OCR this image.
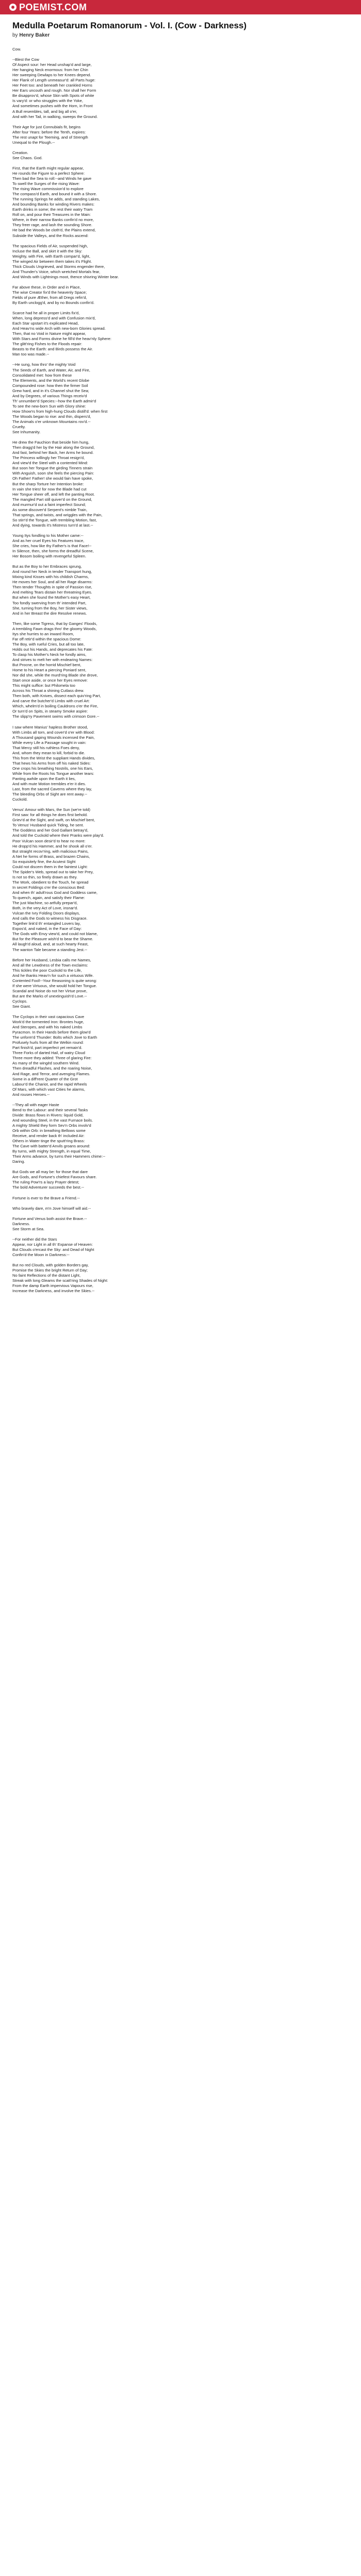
POEMIST.COM
Medulla Poetarum Romanorum - Vol. I. (Cow - Darkness)
by Henry Baker
Cow.
--Blest the Cow
Of Aspect sour: her Head unshap'd and large,
Her hanging Neck enormous: from her Chin
Her sweeping Dewlaps to her Knees depend.
Her Flank of Length unmeasur'd: all Parts huge:
Her Feet too: and beneath her crankled Horns
Her Ears uncouth and rough. Nor shall her Form
Be disapprov'd, whose Skin with Spots of white
Is vary'd: or who struggles with the Yoke,
And sometimes pushes with the Horn, in Front
A Bull resembles, tall, and big all o'er,
And with her Tail, in walking, sweeps the Ground.
Their Age for just Connubials fit, begins
After four Years: before the Tenth, expires:
The rest unapt for Teeming, and of Strength
Unequal to the Plough.--
Creation.
See Chaos. God.
First, that the Earth might regular appear,
He rounds the Figure to a perfect Sphere:
Then bad the Sea to roll:--and Winds he gave
To swell the Surges of the rising Wave:
The rising Wave commission'd to explore
The compass'd Earth, and bound it with a Shore.
The running Springs he adds, and standing Lakes,
And bounding Banks for winding Rivers makes:
Earth drinks in some; the rest their watry Tram
Roll on, and pour their Treasures in the Main:
Where, in their narrow Banks confin'd no more,
They freer rage, and lash the sounding Shore.
He bad the Woods be cloth'd, the Plains extend,
Subside the Valleys, and the Rocks ascend:
The spacious Fields of Air, suspended high,
Incluse the Ball, and skirt it with the Sky:
Weighty, with Fire, with Earth compar'd, light,
The winged Air between them takes it's Flight.
Thick Clouds Ungrieved, and Storms engender there,
And Thunder's Voice, which wretched Mortals fear,
And Winds with Lightnings moot, thence shivring Winter bear.
Far above these, in Order and in Place,
The wise Creator fix'd the heavenly Space;
Fields of pure Æther, from all Dregs refin'd,
By Earth unclogg'd, and by no Bounds confin'd.
Scarce had he all in proper Limits fix'd,
When, long depress'd and with Confusion mix'd,
Each Star upstart it's explicated Head,
And Heav'ns wide Arch with new-born Glories spread.
Then, that no Void in Nature might appear,
With Stars and Forms divine he fill'd the heav'nly Sphere:
The glitt'ring Fishes to the Floods repair:
Beasts to the Earth: and Birds possess the Air.
Man too was made.--
--He sung, how thro' the mighty Void
The Seeds of Earth, and Water, Air, and Fire,
Consolidated met: how from these
The Elements, and the World's recent Globe
Compounded rose: how then the firmer Soil
Grew hard, and in it's Channel shut the Sea;
And by Degrees, of various Things receiv'd
Th' unnumber'd Species:--how the Earth admir'd
To see the new-born Sun with Glory shine:
How Show'rs from high-hung Clouds distill'd: when first
The Woods began to rise: and thin, dispers'd,
The Animals o'er unknown Mountains rov'd.--
Cruelty.
See Inhumanity.
He drew the Fauchion that beside him hung,
Then dragg'd her by the Hair along the Ground,
And fast, behind her Back, her Arms he bound.
The Princess willingly her Throat resign'd,
And view'd the Steel with a contented Mind:
But soon her Tongue the girding Tinners strain
With Anguish, soon she feels the piercing Pain:
Oh Father! Father! she would fain have spoke,
But the sharp Torture her Intention broke:
In vain she tries! for now the Blade had cut
Her Tongue sheer off, and left the panting Root.
The mangled Part still quiver'd on the Ground,
And murmur'd out a faint imperfect Sound;
As some discover'd Serpent's nimble Train,
That springs, and twists, and wriggles with the Pain,
So stirr'd the Tongue, with trembling Motion, fast,
And dying, towards it's Mistress turn'd at last.--
Young Itys fondling to his Mother came:--
And as her cruel Eyes his Features trace,
She cries, how like thy Father's is that Face!--
In Silence, then, she forms the dreadful Scene,
Her Bosom boiling with revengeful Spleen.
But as the Boy to her Embraces sprung,
And round her Neck in tender Transport hung,
Mixing kind Kisses with his childish Charms,
He moves her Soul, and all her Rage disarms:
Then tender Thoughts in spite of Passion rise,
And melting Tears distain her threatning Eyes.
But when she found the Mother's easy Heart,
Too fondly swerving from th' intended Part,
She, turning from the Boy, her Sister views,
And in her Breast the dire Resolve renews.
Then, like some Tigress, that by Ganges' Floods,
A trembling Fawn drags thro' the gloomy Woods,
Itys she hurries to an inward Room,
Far off retir'd within the spacious Dome:
The Boy, with rueful Cries, but all too late,
Holds out his Hands, and deprecates his Fate:
To clasp his Mother's Neck he fondly aims,
And strives to melt her with endearing Names:
But Procne, on the horrid Mischief bent,
Home to his Heart a piercing Poniard sent,
Nor did she, while the murd'ring Blade she drove,
Start once aside, or once her Eyes remove:
This might suffice: but Philomela too
Across his Throat a shining Cutlass drew.
Then both, with Knives, dissect each quiv'ring Part,
And carve the butcher'd Limbs with cruel Art:
Which, whelm'd in boiling Cauldrons o'er the Fire,
Or turn'd on Spits, in steamy Smoke aspire:
The slipp'ry Pavement swims with crimson Gore.--
I saw where Manius' hapless Brother stood,
With Limbs all torn, and cover'd o'er with Blood:
A Thousand gaping Wounds incensed the Pain,
While every Life a Passage sought in vain:
That Mercy still his ruthless Foes deny,
And, whom they mean to kill, forbid to die.
This from the Wrist the suppliant Hands divides,
That hews his Arms from off his naked Sides:
One crops his breathing Nostrils, one his Ears,
While from the Roots his Tongue another tears:
Panting awhile upon the Earth it lies,
And with mute Motion trembles e'er it dies.
Last, from the sacred Caverns where they lay,
The bleeding Orbs of Sight are rent away.--
Cuckold.
Venus' Amour with Mars, the Sun (we're told)
First saw: for all things he does first behold.
Griev'd at the Sight, and swift, on Mischief bent,
To Venus' Husband quick Tiding, he sent.
The Goddess and her God Gallant betray'd,
And told the Cuckold where their Pranks were play'd.
Poor Vulcan soon desir'd to hear no more:
He dropp'd his Hammer, and he shook all o'er.
But straight recov'ring, with malicious Pains,
A Net he forms of Brass, and brazen Chains,
So exquisitely fine, the Acutest Sight
Could not discern them in the faintest Light:
The Spider's Web, spread out to take her Prey,
Is not so thin, so finely drawn as they.
The Work, obedient to the Touch, he spread
In secret Foldings o'er the conscious Bed:
And when th' adult'rous God and Goddess came,
To quench, again, and satisfy their Flame:
The just Machine, so artfully prepar'd,
Both, in the very Act of Love, insnar'd.
Vulcan the Ivry Folding Doors displays,
And calls the Gods to witness his Disgrace.
Together link'd th' entangled Lovers lay,
Expos'd, and naked, in the Face of Day:
The Gods with Envy view'd, and could not blame,
But for the Pleasure wish'd to bear the Shame.
All laugh'd aloud, and, at such hearty Feast,
The wanton Tale became a standing Jest.--
Before her Husband, Lesbia calls me Names,
And all the Lewdness of the Town exclaims:
This tickles the poor Cuckold to the Life,
And he thanks Heav'n for such a virtuous Wife.
Contented Fool!--Your Reasoning is quite wrong:
If she were Virtuous, she would hold her Tongue.
Scandal and Noise do not her Virtue prove,
But are the Marks of unextinguish'd Love.--
Cyclops.
See Giant.
The Cyclops in their vast capacious Cave
Work'd the tormented Iron: Brontes huge,
And Steropes, and with his naked Limbs
Pyracmon. In their Hands before them glow'd
The unform'd Thunder: Bolts which Jove to Earth
Profusely hurls from all the Welkin round:
Part finish'd, part imperfect yet remain'd.
Three Forks of darted Hail, of watry Cloud
Three more they added: Three of glaring Fire:
As many of the wingèd southern Wind.
Then dreadful Flashes, and the roaring Noise,
And Rage, and Terror, and avenging Flames.
Some in a diff'rent Quarter of the Grot
Labour'd the Chariot, and the rapid Wheels
Of Mars, with which vast Cities he alarms,
And rouses Heroes.--
--They all with eager Haste
Bend to the Labour: and their several Tasks
Divide: Brass flows in Rivers: liquid Gold,
And wounding Steel, in the vast Furnace boils.
A mighty Shield they form Sev'n Orbs involv'd
Orb within Orb: in breathing Bellows some
Receive, and render back th' included Air:
Others in Water tinge the sputt'ring Brass:
The Cave with batter'd Anvils groans around:
By turns, with mighty Strength, in equal Time,
Their Arms advance, by turns their Hammers chime:--
Daring.
But Gods we all may be: for those that dare
Are Gods, and Fortune's chiefest Favours share.
The ruling Pow'rs a lazy Prayer detest;
The bold Adventurer succeeds the best.--
Fortune is ever to the Brave a Friend.--
Who bravely dare, m'n Jove himself will aid.--
Fortune and Venus both assist the Brave.--
Darkness.
See Storm at Sea.
--For neither did the Stars
Appear, nor Light in all th' Expanse of Heaven:
But Clouds o'ercast the Sky: and Dead of Night
Confin'd the Moon in Darkness:--
But no red Clouds, with golden Borders gay,
Promise the Skies the bright Return of Day;
No faint Reflections of the distant Light,
Streak with long Gleams the scatt'ring Shades of Night:
From the damp Earth impervious Vapours rise,
Increase the Darkness, and involve the Skies.--
